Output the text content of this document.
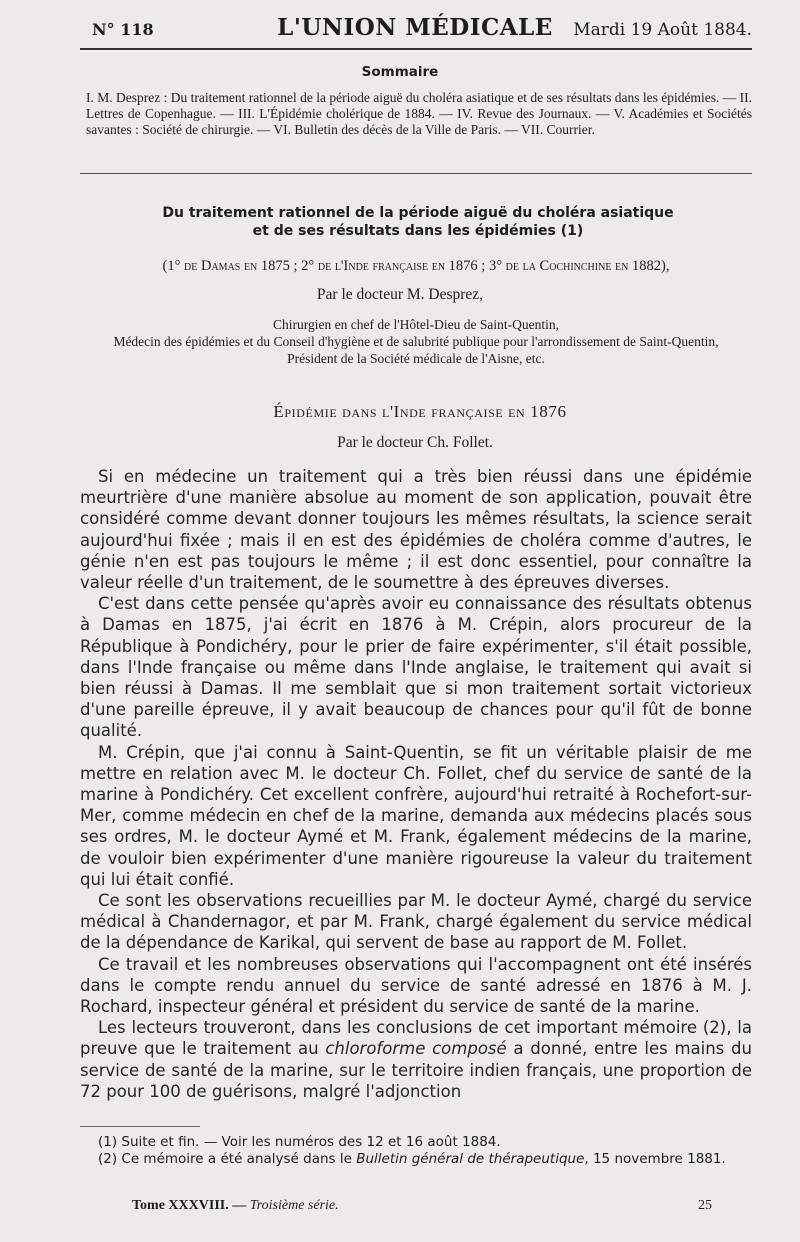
N° 118	L'UNION MÉDICALE	Mardi 19 Août 1884.
Sommaire
I. M. Desprez : Du traitement rationnel de la période aiguë du choléra asiatique et de ses résultats dans les épidémies. — II. Lettres de Copenhague. — III. L'Épidémie cholérique de 1884. — IV. Revue des Journaux. — V. Académies et Sociétés savantes : Société de chirurgie. — VI. Bulletin des décès de la Ville de Paris. — VII. Courrier.
Du traitement rationnel de la période aiguë du choléra asiatique
et de ses résultats dans les épidémies (1)
(1° de Damas en 1875 ; 2° de l'Inde française en 1876 ; 3° de la Cochinchine en 1882),
Par le docteur M. Desprez,
Chirurgien en chef de l'Hôtel-Dieu de Saint-Quentin,
Médecin des épidémies et du Conseil d'hygiène et de salubrité publique pour l'arrondissement de Saint-Quentin,
Président de la Société médicale de l'Aisne, etc.
Épidémie dans l'Inde française en 1876
Par le docteur Ch. Follet.

Si en médecine un traitement qui a très bien réussi dans une épidémie meurtrière d'une manière absolue au moment de son application, pouvait être considéré comme devant donner toujours les mêmes résultats, la science serait aujourd'hui fixée ; mais il en est des épidémies de choléra comme d'autres, le génie n'en est pas toujours le même ; il est donc essentiel, pour connaître la valeur réelle d'un traitement, de le soumettre à des épreuves diverses.

C'est dans cette pensée qu'après avoir eu connaissance des résultats obtenus à Damas en 1875, j'ai écrit en 1876 à M. Crépin, alors procureur de la République à Pondichéry, pour le prier de faire expérimenter, s'il était possible, dans l'Inde française ou même dans l'Inde anglaise, le traitement qui avait si bien réussi à Damas. Il me semblait que si mon traitement sortait victorieux d'une pareille épreuve, il y avait beaucoup de chances pour qu'il fût de bonne qualité.

M. Crépin, que j'ai connu à Saint-Quentin, se fit un véritable plaisir de me mettre en relation avec M. le docteur Ch. Follet, chef du service de santé de la marine à Pondichéry. Cet excellent confrère, aujourd'hui retraité à Rochefort-sur-Mer, comme médecin en chef de la marine, demanda aux médecins placés sous ses ordres, M. le docteur Aymé et M. Frank, également médecins de la marine, de vouloir bien expérimenter d'une manière rigoureuse la valeur du traitement qui lui était confié.

Ce sont les observations recueillies par M. le docteur Aymé, chargé du service médical à Chandernagor, et par M. Frank, chargé également du service médical de la dépendance de Karikal, qui servent de base au rapport de M. Follet.

Ce travail et les nombreuses observations qui l'accompagnent ont été insérés dans le compte rendu annuel du service de santé adressé en 1876 à M. J. Rochard, inspecteur général et président du service de santé de la marine.

Les lecteurs trouveront, dans les conclusions de cet important mémoire (2), la preuve que le traitement au chloroforme composé a donné, entre les mains du service de santé de la marine, sur le territoire indien français, une proportion de 72 pour 100 de guérisons, malgré l'adjonction

(1) Suite et fin. — Voir les numéros des 12 et 16 août 1884.
(2) Ce mémoire a été analysé dans le Bulletin général de thérapeutique, 15 novembre 1881.
Tome XXXVIII. — Troisième série.	25
